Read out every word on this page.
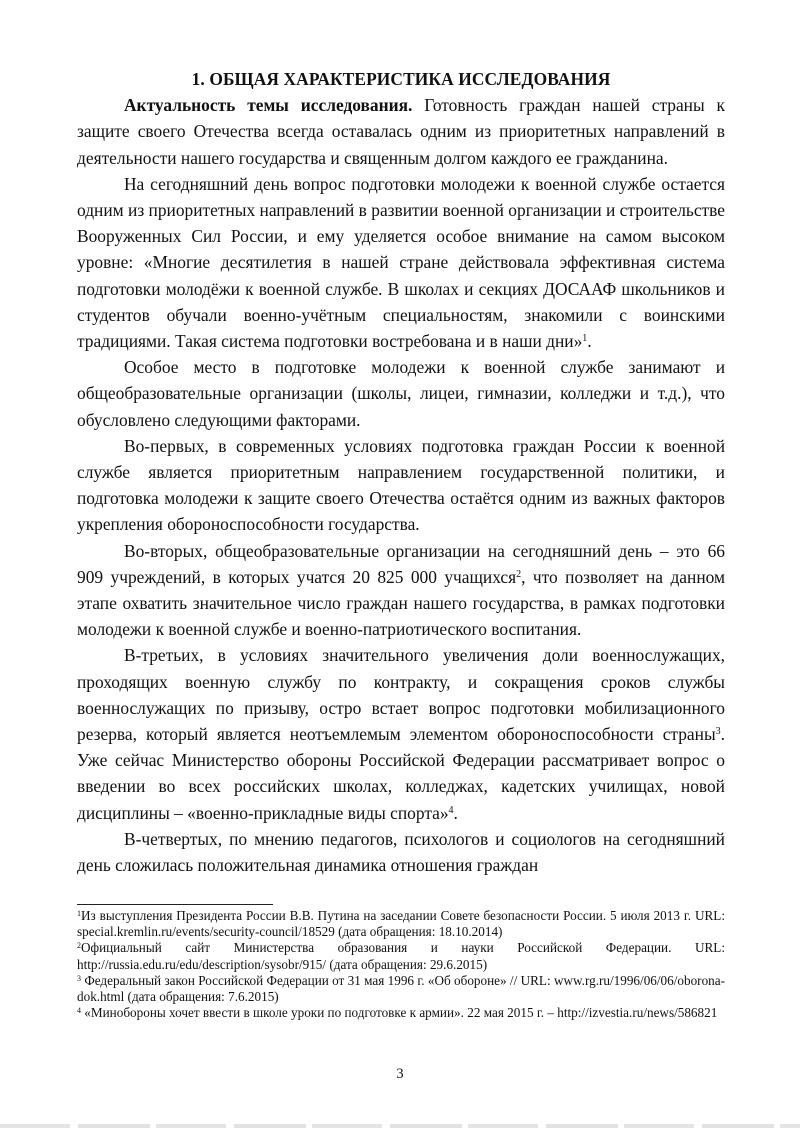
1. ОБЩАЯ ХАРАКТЕРИСТИКА ИССЛЕДОВАНИЯ

Актуальность темы исследования. Готовность граждан нашей страны к защите своего Отечества всегда оставалась одним из приоритетных направлений в деятельности нашего государства и священным долгом каждого ее гражданина.

На сегодняшний день вопрос подготовки молодежи к военной службе остается одним из приоритетных направлений в развитии военной организации и строительстве Вооруженных Сил России, и ему уделяется особое внимание на самом высоком уровне: «Многие десятилетия в нашей стране действовала эффективная система подготовки молодёжи к военной службе. В школах и секциях ДОСААФ школьников и студентов обучали военно-учётным специальностям, знакомили с воинскими традициями. Такая система подготовки востребована и в наши дни»$^1$.

Особое место в подготовке молодежи к военной службе занимают и общеобразовательные организации (школы, лицеи, гимназии, колледжи и т.д.), что обусловлено следующими факторами.

Во-первых, в современных условиях подготовка граждан России к военной службе является приоритетным направлением государственной политики, и подготовка молодежи к защите своего Отечества остаётся одним из важных факторов укрепления обороноспособности государства.

Во-вторых, общеобразовательные организации на сегодняшний день – это 66 909 учреждений, в которых учатся 20 825 000 учащихся$^2$, что позволяет на данном этапе охватить значительное число граждан нашего государства, в рамках подготовки молодежи к военной службе и военно-патриотического воспитания.

В-третьих, в условиях значительного увеличения доли военнослужащих, проходящих военную службу по контракту, и сокращения сроков службы военнослужащих по призыву, остро встает вопрос подготовки мобилизационного резерва, который является неотъемлемым элементом обороноспособности страны$^3$. Уже сейчас Министерство обороны Российской Федерации рассматривает вопрос о введении во всех российских школах, колледжах, кадетских училищах, новой дисциплины – «военно-прикладные виды спорта»$^4$.

В-четвертых, по мнению педагогов, психологов и социологов на сегодняшний день сложилась положительная динамика отношения граждан

$^1$Из выступления Президента России В.В. Путина на заседании Совете безопасности России. 5 июля 2013 г. URL: special.kremlin.ru/events/security-council/18529 (дата обращения: 18.10.2014)

$^2$Официальный сайт Министерства образования и науки Российской Федерации. URL: http://russia.edu.ru/edu/description/sysobr/915/ (дата обращения: 29.6.2015)

$^3$ Федеральный закон Российской Федерации от 31 мая 1996 г. «Об обороне» // URL: www.rg.ru/1996/06/06/oborona-dok.html (дата обращения: 7.6.2015)

$^4$ «Минобороны хочет ввести в школе уроки по подготовке к армии». 22 мая 2015 г. – http://izvestia.ru/news/586821

3
